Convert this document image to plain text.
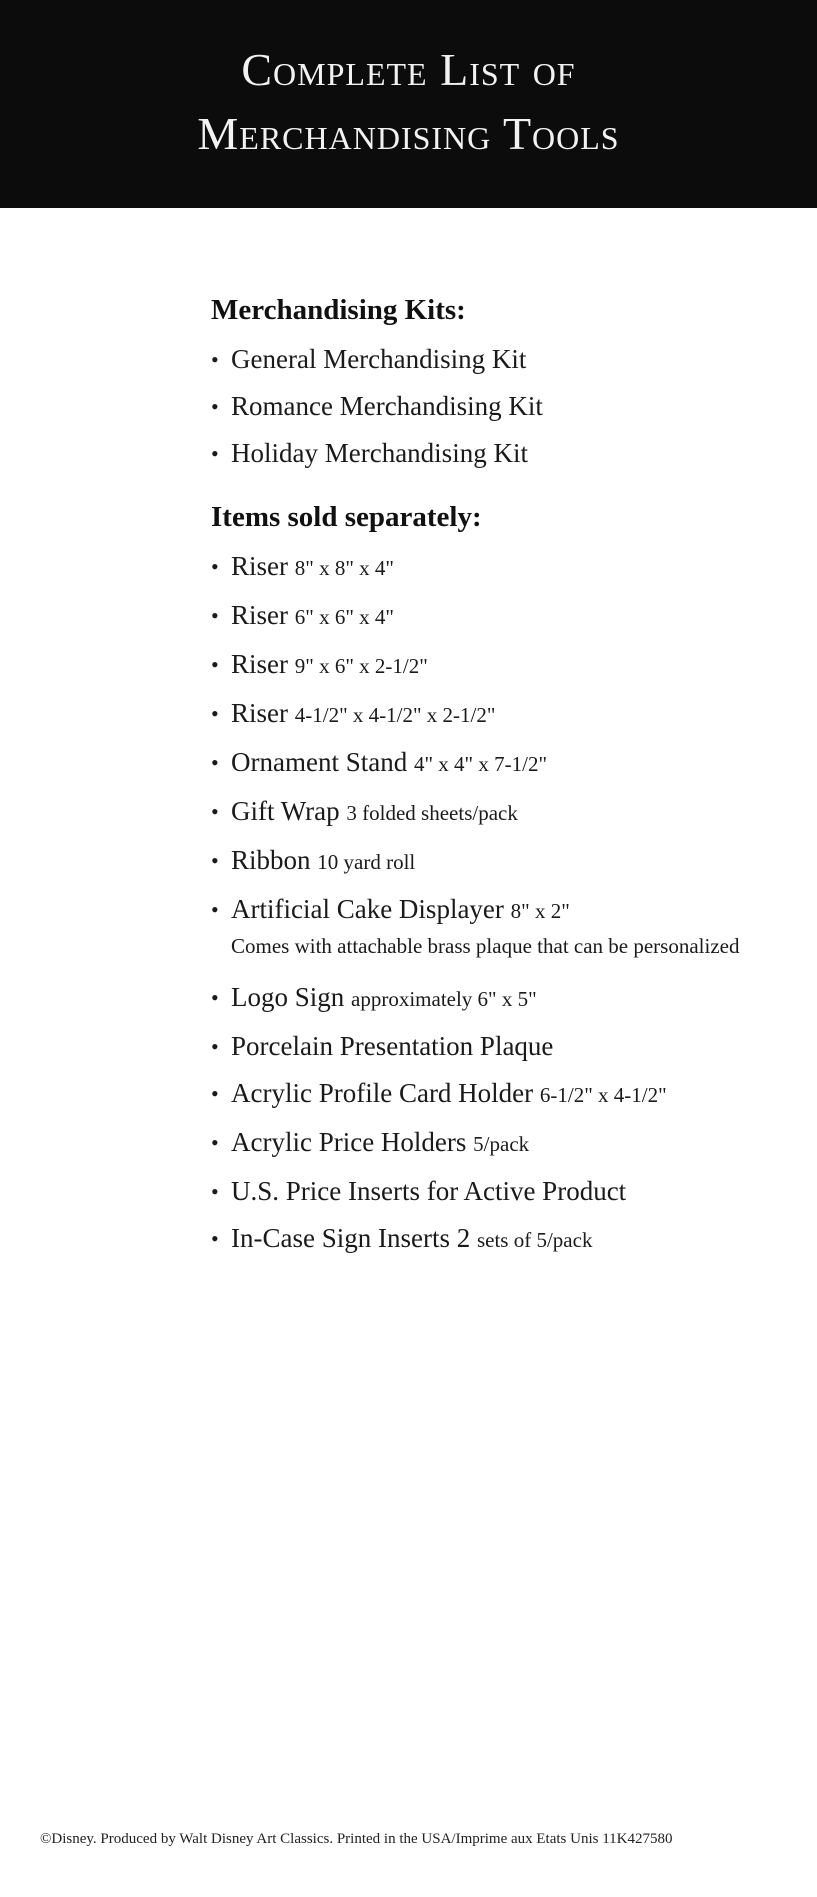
Complete List of
Merchandising Tools
Merchandising Kits:
• General Merchandising Kit
• Romance Merchandising Kit
• Holiday Merchandising Kit
Items sold separately:
• Riser 8" x 8" x 4"
• Riser 6" x 6" x 4"
• Riser 9" x 6" x 2-1/2"
• Riser 4-1/2" x 4-1/2" x 2-1/2"
• Ornament Stand 4" x 4" x 7-1/2"
• Gift Wrap 3 folded sheets/pack
• Ribbon 10 yard roll
• Artificial Cake Displayer 8" x 2"
Comes with attachable brass plaque that can be personalized
• Logo Sign approximately 6" x 5"
• Porcelain Presentation Plaque
• Acrylic Profile Card Holder 6-1/2" x 4-1/2"
• Acrylic Price Holders 5/pack
• U.S. Price Inserts for Active Product
• In-Case Sign Inserts 2 sets of 5/pack
©Disney. Produced by Walt Disney Art Classics. Printed in the USA/Imprime aux Etats Unis 11K427580
